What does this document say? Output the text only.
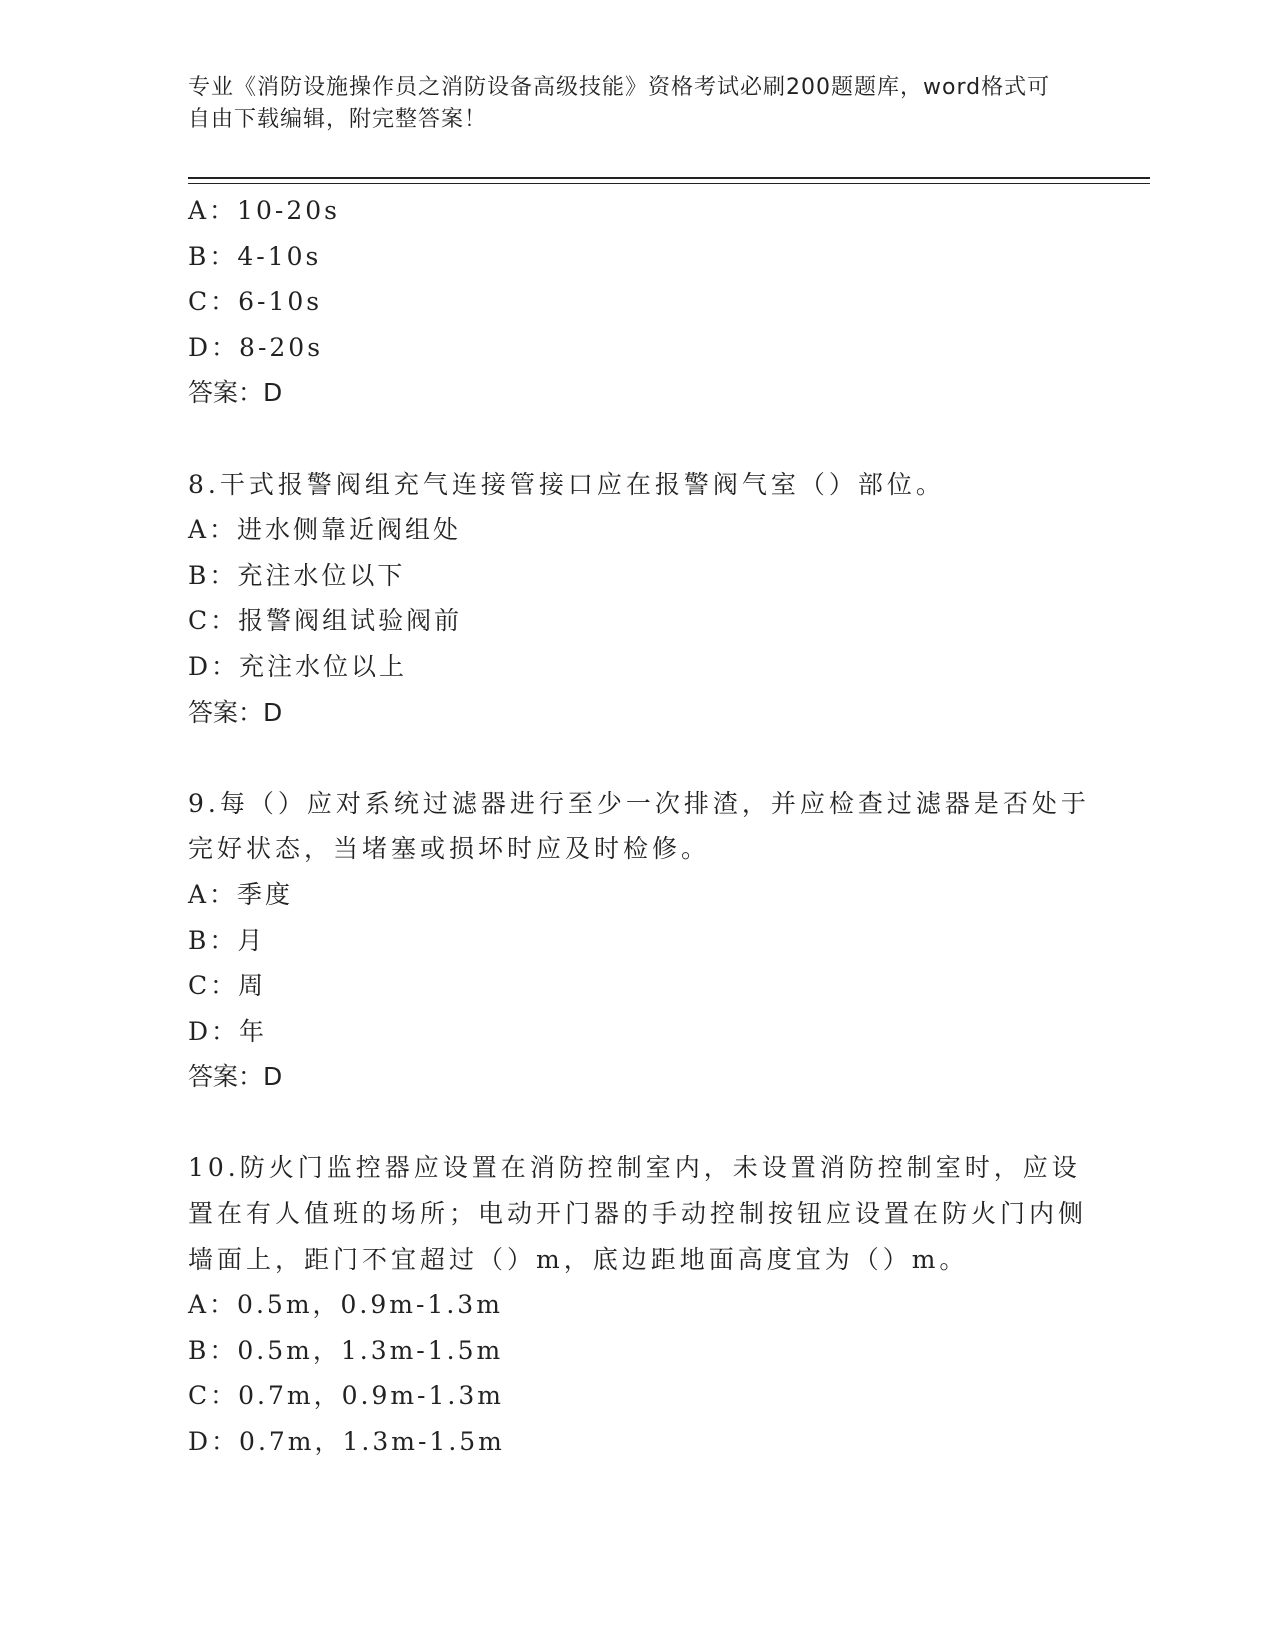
专业《消防设施操作员之消防设备高级技能》资格考试必刷200题题库，word格式可自由下载编辑，附完整答案！
A：10-20s
B：4-10s
C：6-10s
D：8-20s
答案：D
8.干式报警阀组充气连接管接口应在报警阀气室（）部位。
A：进水侧靠近阀组处
B：充注水位以下
C：报警阀组试验阀前
D：充注水位以上
答案：D
9.每（）应对系统过滤器进行至少一次排渣，并应检查过滤器是否处于完好状态，当堵塞或损坏时应及时检修。
A：季度
B：月
C：周
D：年
答案：D
10.防火门监控器应设置在消防控制室内，未设置消防控制室时，应设置在有人值班的场所；电动开门器的手动控制按钮应设置在防火门内侧墙面上，距门不宜超过（）m，底边距地面高度宜为（）m。
A：0.5m，0.9m-1.3m
B：0.5m，1.3m-1.5m
C：0.7m，0.9m-1.3m
D：0.7m，1.3m-1.5m
